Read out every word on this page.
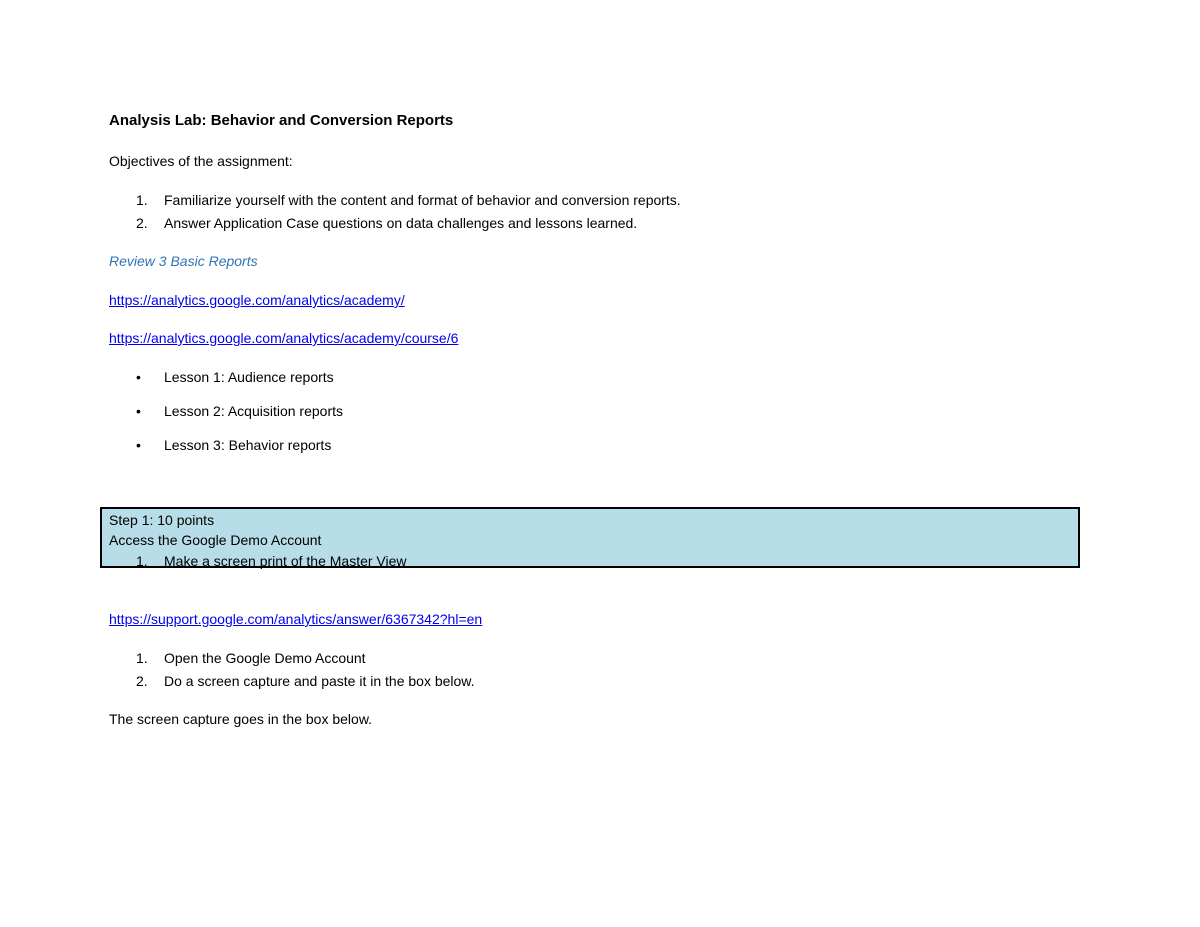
Analysis Lab: Behavior and Conversion Reports
Objectives of the assignment:
1. Familiarize yourself with the content and format of behavior and conversion reports.
2. Answer Application Case questions on data challenges and lessons learned.
Review 3 Basic Reports
https://analytics.google.com/analytics/academy/
https://analytics.google.com/analytics/academy/course/6
• Lesson 1: Audience reports
• Lesson 2: Acquisition reports
• Lesson 3: Behavior reports
Step 1: 10 points
Access the Google Demo Account
1. Make a screen print of the Master View
https://support.google.com/analytics/answer/6367342?hl=en
1. Open the Google Demo Account
2. Do a screen capture and paste it in the box below.
The screen capture goes in the box below.
